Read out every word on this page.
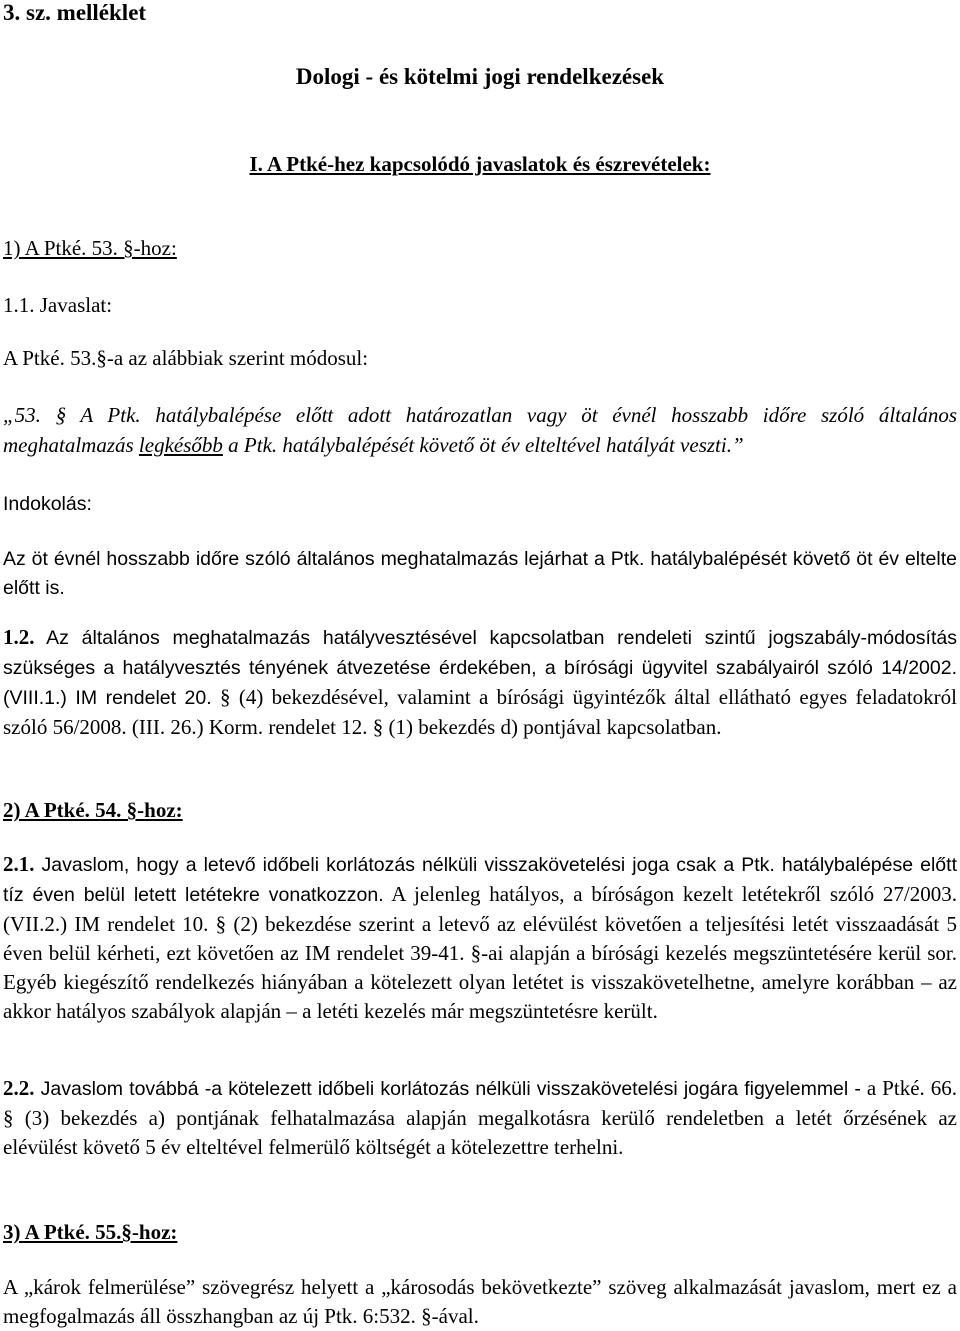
3. sz. melléklet
Dologi - és kötelmi jogi rendelkezések
I. A Ptké-hez kapcsolódó javaslatok és észrevételek:
1) A Ptké. 53. §-hoz:
1.1. Javaslat:
A Ptké. 53.§-a az alábbiak szerint módosul:
„53. § A Ptk. hatálybalépése előtt adott határozatlan vagy öt évnél hosszabb időre szóló általános
meghatalmazás legkésőbb a Ptk. hatálybalépését követő öt év elteltével hatályát veszti.”
Indokolás:
Az öt évnél hosszabb időre szóló általános meghatalmazás lejárhat a Ptk. hatálybalépését követő öt év eltelte előtt is.
1.2. Az általános meghatalmazás hatályvesztésével kapcsolatban rendeleti szintű jogszabály-módosítás szükséges a hatályvesztés tényének átvezetése érdekében, a bírósági ügyvitel szabályairól szóló 14/2002. (VIII.1.) IM rendelet 20. § (4) bekezdésével, valamint a bírósági ügyintézők által ellátható egyes feladatokról szóló 56/2008. (III. 26.) Korm. rendelet 12. § (1) bekezdés d) pontjával kapcsolatban.
2) A Ptké. 54. §-hoz:
2.1. Javaslom, hogy a letevő időbeli korlátozás nélküli visszakövetelési joga csak a Ptk. hatálybalépése előtt tíz éven belül letett letétekre vonatkozzon. A jelenleg hatályos, a bíróságon kezelt letétekről szóló 27/2003. (VII.2.) IM rendelet 10. § (2) bekezdése szerint a letevő az elévülést követően a teljesítési letét visszaadását 5 éven belül kérheti, ezt követően az IM rendelet 39-41. §-ai alapján a bírósági kezelés megszüntetésére kerül sor. Egyéb kiegészítő rendelkezés hiányában a kötelezett olyan letétet is visszakövetelhetne, amelyre korábban – az akkor hatályos szabályok alapján – a letéti kezelés már megszüntetésre került.
2.2. Javaslom továbbá -a kötelezett időbeli korlátozás nélküli visszakövetelési jogára figyelemmel - a Ptké. 66. § (3) bekezdés a) pontjának felhatalmazása alapján megalkotásra kerülő rendeletben a letét őrzésének az elévülést követő 5 év elteltével felmerülő költségét a kötelezettre terhelni.
3) A Ptké. 55.§-hoz:
A „károk felmerülése” szövegrész helyett a „károsodás bekövetkezte” szöveg alkalmazását javaslom, mert ez a megfogalmazás áll összhangban az új Ptk. 6:532. §-ával.
